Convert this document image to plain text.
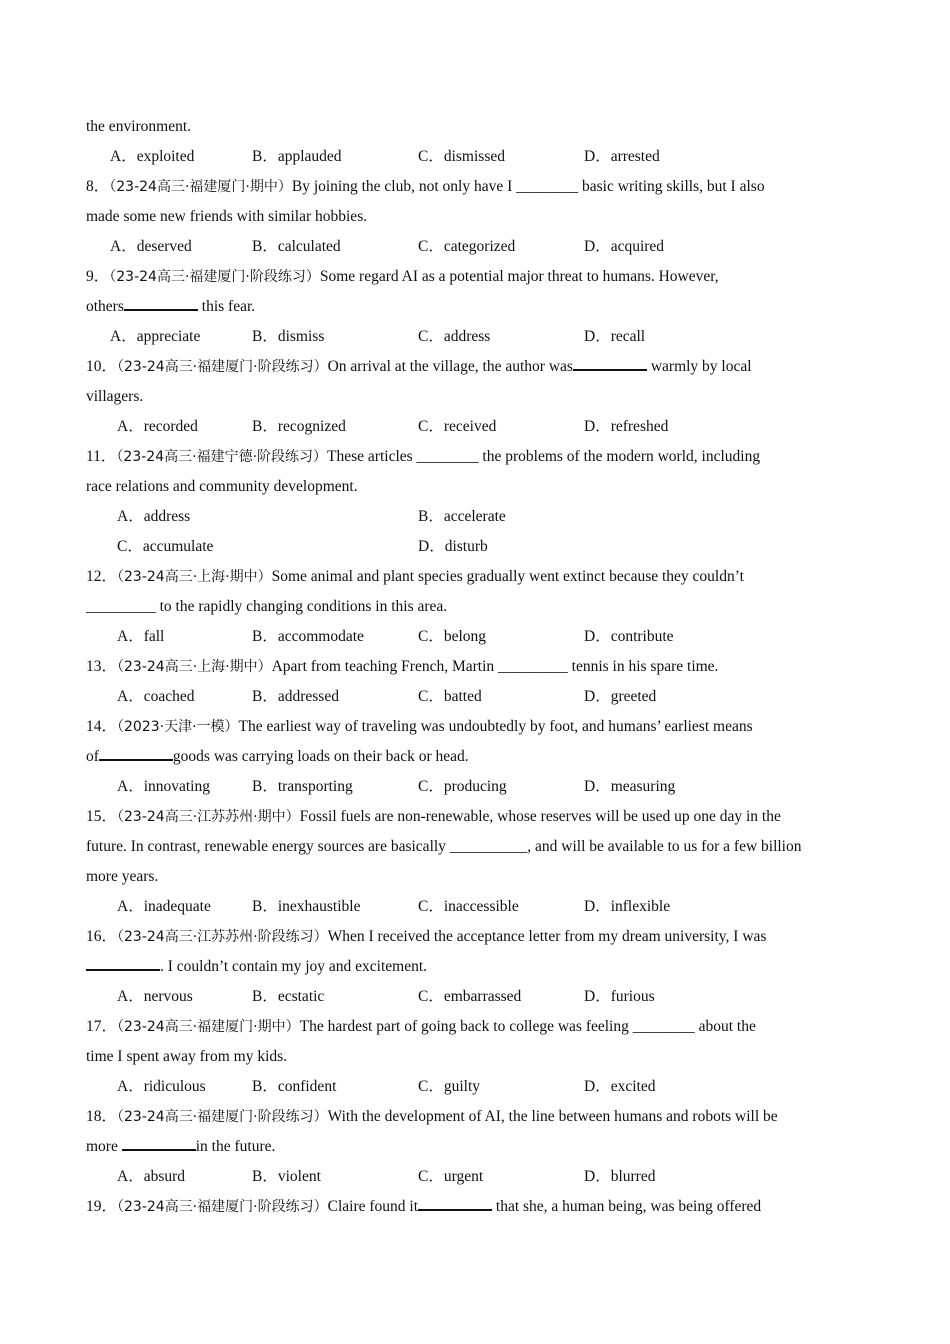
the environment.
A．exploited	B．applauded	C．dismissed	D．arrested
8．（23-24高三·福建厦门·期中）By joining the club, not only have I ________ basic writing skills, but I also
made some new friends with similar hobbies.
A．deserved	B．calculated	C．categorized	D．acquired
9．（23-24高三·福建厦门·阶段练习）Some regard AI as a potential major threat to humans. However,
others	this fear.
A．appreciate	B．dismiss	C．address	D．recall
10．（23-24高三·福建厦门·阶段练习）On arrival at the village, the author was	warmly by local
villagers.
A．recorded	B．recognized	C．received	D．refreshed
11．（23-24高三·福建宁德·阶段练习）These articles ________ the problems of the modern world, including
race relations and community development.
A．address	B．accelerate
C．accumulate	D．disturb
12．（23-24高三·上海·期中）Some animal and plant species gradually went extinct because they couldn’t
_________ to the rapidly changing conditions in this area.
A．fall	B．accommodate	C．belong	D．contribute
13．（23-24高三·上海·期中）Apart from teaching French, Martin _________ tennis in his spare time.
A．coached	B．addressed	C．batted	D．greeted
14．（2023·天津·一模）The earliest way of traveling was undoubtedly by foot, and humans’ earliest means
of	goods was carrying loads on their back or head.
A．innovating	B．transporting	C．producing	D．measuring
15．（23-24高三·江苏苏州·期中）Fossil fuels are non-renewable, whose reserves will be used up one day in the
future. In contrast, renewable energy sources are basically __________, and will be available to us for a few billion
more years.
A．inadequate	B．inexhaustible	C．inaccessible	D．inflexible
16．（23-24高三·江苏苏州·阶段练习）When I received the acceptance letter from my dream university, I was
. I couldn’t contain my joy and excitement.
A．nervous	B．ecstatic	C．embarrassed	D．furious
17．（23-24高三·福建厦门·期中）The hardest part of going back to college was feeling ________ about the
time I spent away from my kids.
A．ridiculous	B．confident	C．guilty	D．excited
18．（23-24高三·福建厦门·阶段练习）With the development of AI, the line between humans and robots will be
more	in the future.
A．absurd	B．violent	C．urgent	D．blurred
19．（23-24高三·福建厦门·阶段练习）Claire found it	that she, a human being, was being offered
